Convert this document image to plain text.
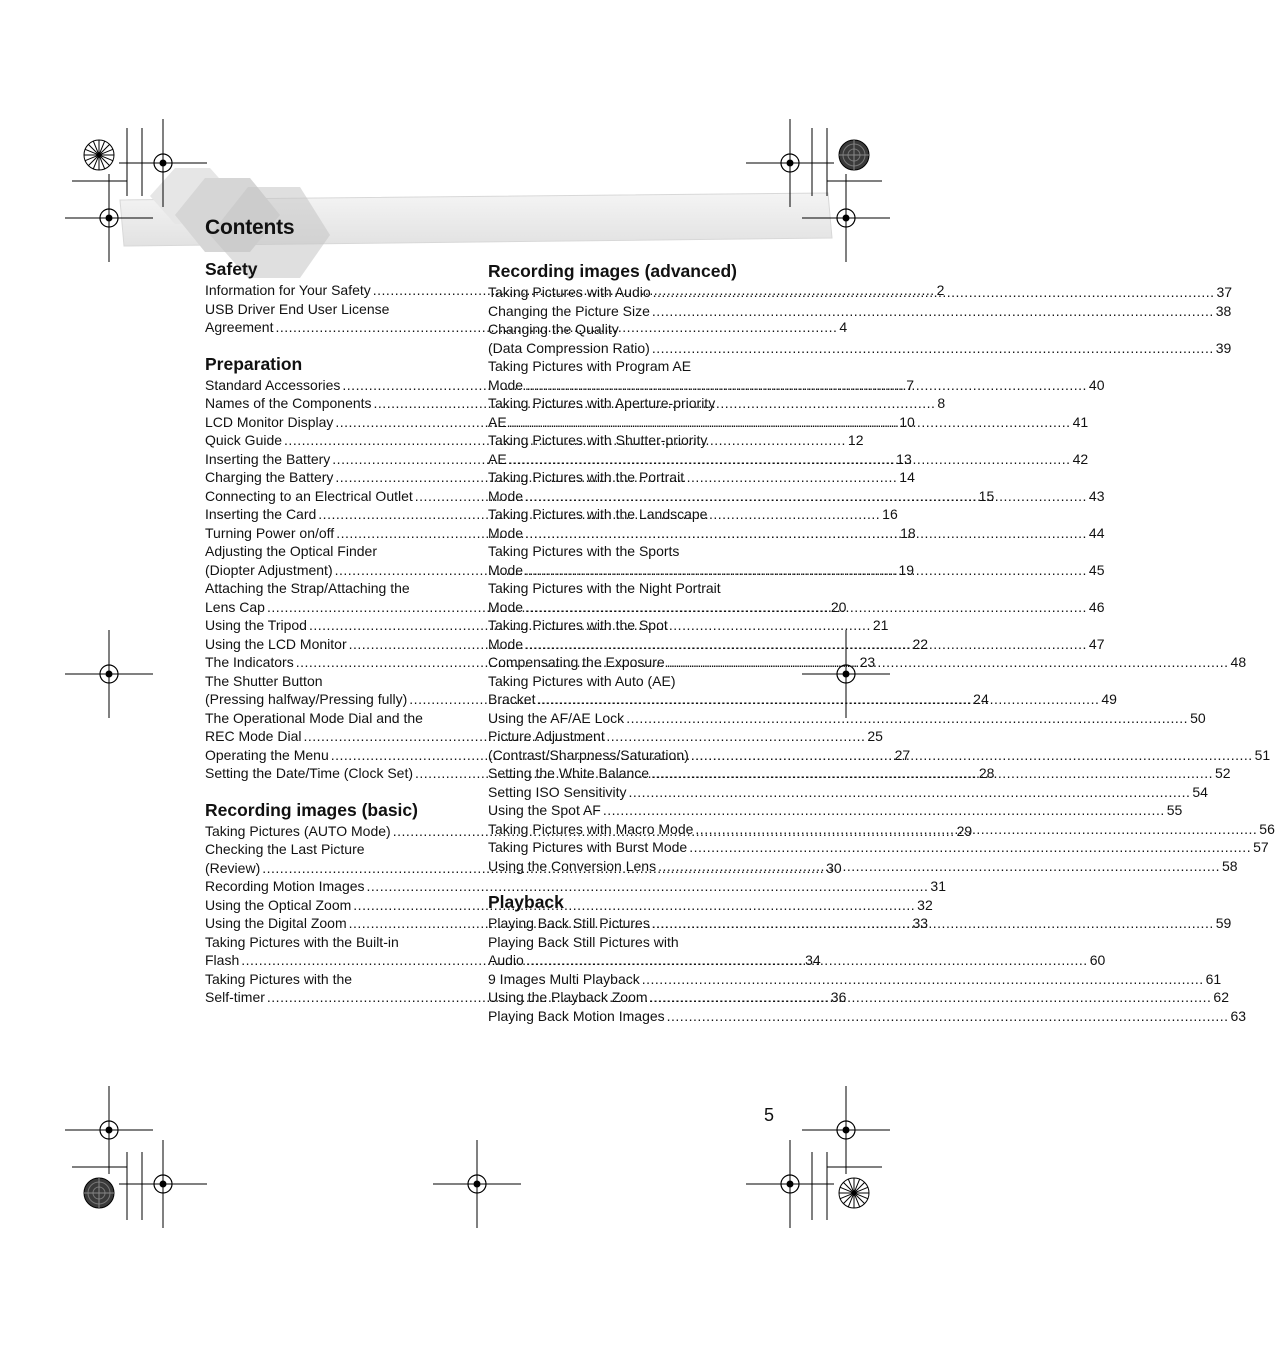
Contents
Safety
Information for Your Safety .....	2
USB Driver End User License
Agreement .....	4
Preparation
Standard Accessories .....	7
Names of the Components .....	8
LCD Monitor Display .....	10
Quick Guide .....	12
Inserting the Battery .....	13
Charging the Battery .....	14
Connecting to an Electrical Outlet .....	15
Inserting the Card .....	16
Turning Power on/off .....	18
Adjusting the Optical Finder
(Diopter Adjustment) .....	19
Attaching the Strap/Attaching the
Lens Cap .....	20
Using the Tripod .....	21
Using the LCD Monitor .....	22
The Indicators .....	23
The Shutter Button
(Pressing halfway/Pressing fully) .....	24
The Operational Mode Dial and the
REC Mode Dial .....	25
Operating the Menu .....	27
Setting the Date/Time (Clock Set) .....	28
Recording images (basic)
Taking Pictures (AUTO Mode) .....	29
Checking the Last Picture
(Review) .....	30
Recording Motion Images .....	31
Using the Optical Zoom .....	32
Using the Digital Zoom .....	33
Taking Pictures with the Built-in
Flash .....	34
Taking Pictures with the
Self-timer .....	36
Recording images (advanced)
Taking Pictures with Audio .....	37
Changing the Picture Size .....	38
Changing the Quality
(Data Compression Ratio) .....	39
Taking Pictures with Program AE
Mode .....	40
Taking Pictures with Aperture-priority
AE .....	41
Taking Pictures with Shutter-priority
AE .....	42
Taking Pictures with the Portrait
Mode .....	43
Taking Pictures with the Landscape
Mode .....	44
Taking Pictures with the Sports
Mode .....	45
Taking Pictures with the Night Portrait
Mode .....	46
Taking Pictures with the Spot
Mode .....	47
Compensating the Exposure .....	48
Taking Pictures with Auto (AE)
Bracket .....	49
Using the AF/AE Lock .....	50
Picture Adjustment
(Contrast/Sharpness/Saturation) .....	51
Setting the White Balance .....	52
Setting ISO Sensitivity .....	54
Using the Spot AF .....	55
Taking Pictures with Macro Mode .....	56
Taking Pictures with Burst Mode .....	57
Using the Conversion Lens .....	58
Playback
Playing Back Still Pictures .....	59
Playing Back Still Pictures with
Audio .....	60
9 Images Multi Playback .....	61
Using the Playback Zoom .....	62
Playing Back Motion Images .....	63
5
